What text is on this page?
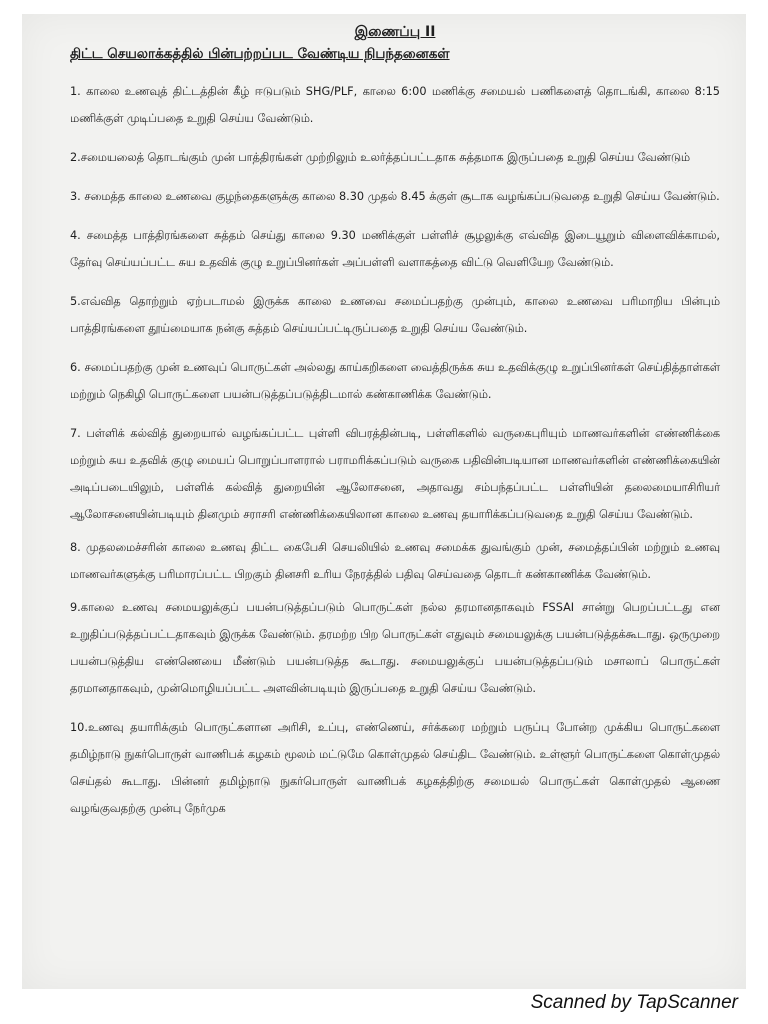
இணைப்பு II
திட்ட செயலாக்கத்தில் பின்பற்றப்பட வேண்டிய நிபந்தனைகள்

1. காலை உணவுத் திட்டத்தின் கீழ் ஈடுபடும் SHG/PLF, காலை 6:00 மணிக்கு சமையல் பணிகளைத் தொடங்கி, காலை 8:15 மணிக்குள் முடிப்பதை உறுதி செய்ய வேண்டும்.

2.சமையலைத் தொடங்கும் முன் பாத்திரங்கள் முற்றிலும் உலர்த்தப்பட்டதாக சுத்தமாக இருப்பதை உறுதி செய்ய வேண்டும்

3. சமைத்த காலை உணவை குழந்தைகளுக்கு காலை 8.30 முதல் 8.45 க்குள் சூடாக வழங்கப்படுவதை உறுதி செய்ய வேண்டும்.

4. சமைத்த பாத்திரங்களை சுத்தம் செய்து காலை 9.30 மணிக்குள் பள்ளிச் சூழலுக்கு எவ்வித இடையூறும் விளைவிக்காமல், தேர்வு செய்யப்பட்ட சுய உதவிக் குழு உறுப்பினர்கள் அப்பள்ளி வளாகத்தை விட்டு வெளியேற வேண்டும்.

5.எவ்வித தொற்றும் ஏற்படாமல் இருக்க காலை உணவை சமைப்பதற்கு முன்பும், காலை உணவை பரிமாறிய பின்பும் பாத்திரங்களை தூய்மையாக நன்கு சுத்தம் செய்யப்பட்டிருப்பதை உறுதி செய்ய வேண்டும்.

6. சமைப்பதற்கு முன் உணவுப் பொருட்கள் அல்லது காய்கறிகளை வைத்திருக்க சுய உதவிக்குழு உறுப்பினர்கள் செய்தித்தாள்கள் மற்றும் நெகிழி பொருட்களை பயன்படுத்தப்படுத்திடமால் கண்காணிக்க வேண்டும்.

7. பள்ளிக் கல்வித் துறையால் வழங்கப்பட்ட புள்ளி விபரத்தின்படி, பள்ளிகளில் வருகைபுரியும் மாணவர்களின் எண்ணிக்கை மற்றும் சுய உதவிக் குழு மையப் பொறுப்பாளரால் பராமரிக்கப்படும் வருகை பதிவின்படியான மாணவர்களின் எண்ணிக்கையின் அடிப்படையிலும், பள்ளிக் கல்வித் துறையின் ஆலோசனை, அதாவது சம்பந்தப்பட்ட பள்ளியின் தலைமையாசிரியர் ஆலோசனையின்படியும் தினமும் சராசரி எண்ணிக்கையிலான காலை உணவு தயாரிக்கப்படுவதை உறுதி செய்ய வேண்டும்.

8. முதலமைச்சரின் காலை உணவு திட்ட கைபேசி செயலியில் உணவு சமைக்க துவங்கும் முன், சமைத்தப்பின் மற்றும் உணவு மாணவர்களுக்கு பரிமாரப்பட்ட பிறகும் தினசரி உரிய நேரத்தில் பதிவு செய்வதை தொடர் கண்காணிக்க வேண்டும்.

9.காலை உணவு சமையலுக்குப் பயன்படுத்தப்படும் பொருட்கள் நல்ல தரமானதாகவும் FSSAI சான்று பெறப்பட்டது என உறுதிப்படுத்தப்பட்டதாகவும் இருக்க வேண்டும். தரமற்ற பிற பொருட்கள் எதுவும் சமையலுக்கு பயன்படுத்தக்கூடாது. ஒருமுறை பயன்படுத்திய எண்ணெயை மீண்டும் பயன்படுத்த கூடாது. சமையலுக்குப் பயன்படுத்தப்படும் மசாலாப் பொருட்கள் தரமானதாகவும், முன்மொழியப்பட்ட அளவின்படியும் இருப்பதை உறுதி செய்ய வேண்டும்.

10.உணவு தயாரிக்கும் பொருட்களான அரிசி, உப்பு, எண்ணெய், சர்க்கரை மற்றும் பருப்பு போன்ற முக்கிய பொருட்களை தமிழ்நாடு நுகர்பொருள் வாணிபக் கழகம் மூலம் மட்டுமே கொள்முதல் செய்திட வேண்டும். உள்ளூர் பொருட்களை கொள்முதல் செய்தல் கூடாது. பின்னர் தமிழ்நாடு நுகர்பொருள் வாணிபக் கழகத்திற்கு சமையல் பொருட்கள் கொள்முதல் ஆணை வழங்குவதற்கு முன்பு நேர்முக

Scanned by TapScanner
